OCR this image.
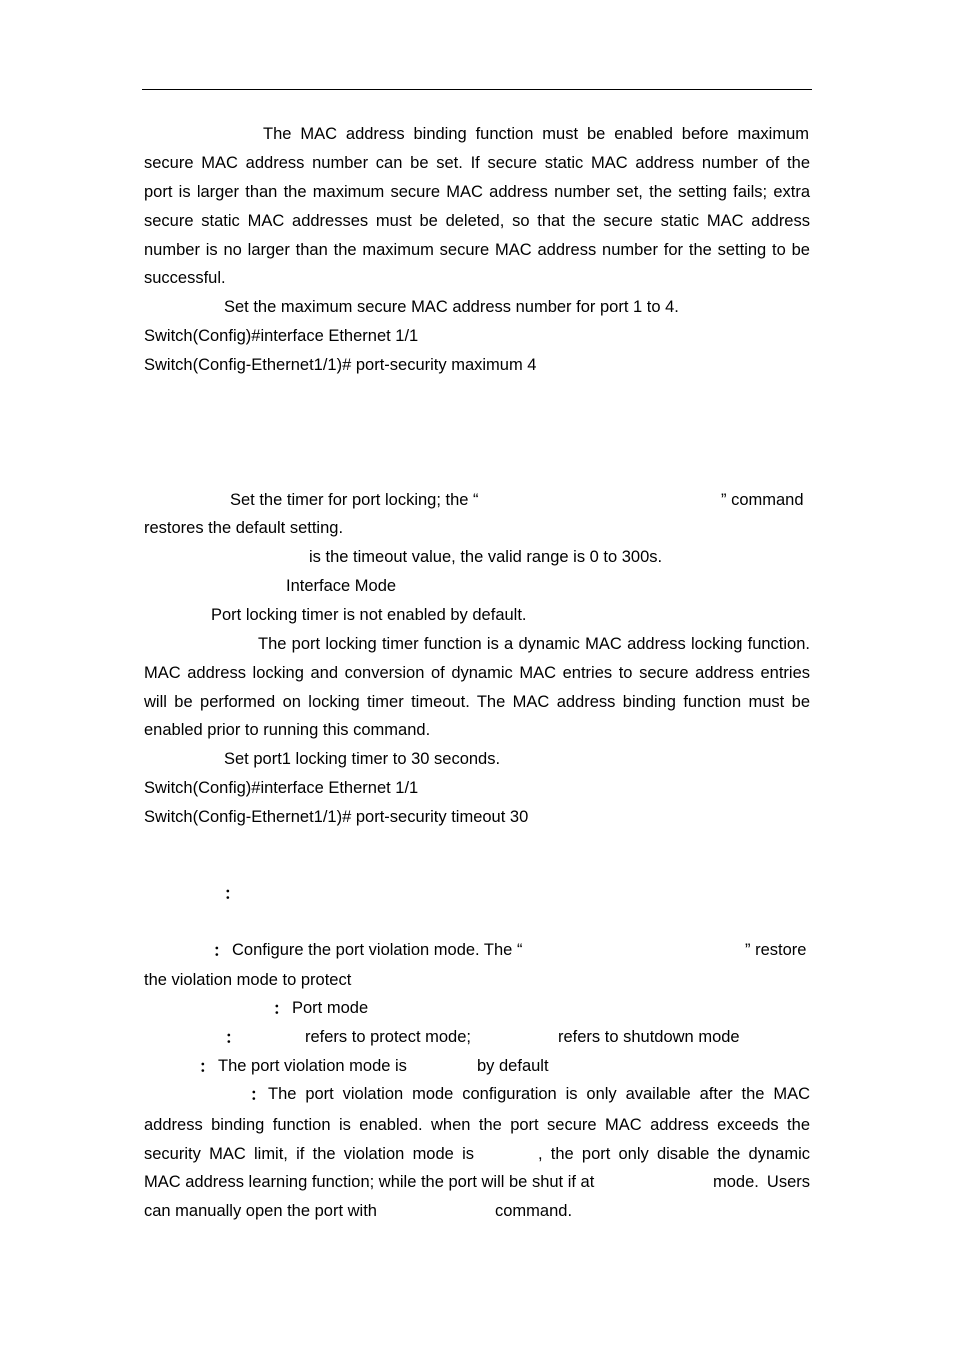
The MAC address binding function must be enabled before maximum
secure MAC address number can be set. If secure static MAC address number of the
port is larger than the maximum secure MAC address number set, the setting fails; extra
secure static MAC addresses must be deleted, so that the secure static MAC address
number is no larger than the maximum secure MAC address number for the setting to be
successful.
Set the maximum secure MAC address number for port 1 to 4.
Switch(Config)#interface Ethernet 1/1
Switch(Config-Ethernet1/1)# port-security maximum 4
Set the timer for port locking; the “	” command
restores the default setting.
is the timeout value, the valid range is 0 to 300s.
Interface Mode
Port locking timer is not enabled by default.
The port locking timer function is a dynamic MAC address locking function.
MAC address locking and conversion of dynamic MAC entries to secure address entries
will be performed on locking timer timeout. The MAC address binding function must be
enabled prior to running this command.
Set port1 locking timer to 30 seconds.
Switch(Config)#interface Ethernet 1/1
Switch(Config-Ethernet1/1)# port-security timeout 30
：
： Configure the port violation mode. The “	” restore
the violation mode to protect
： Port mode
：	refers to protect mode;	refers to shutdown mode
： The port violation mode is	by default
： The port violation mode configuration is only available after the MAC
address binding function is enabled. when the port secure MAC address exceeds the
security MAC limit, if the violation mode is	, the port only disable the dynamic
MAC address learning function; while the port will be shut if at	mode. Users
can manually open the port with	command.
